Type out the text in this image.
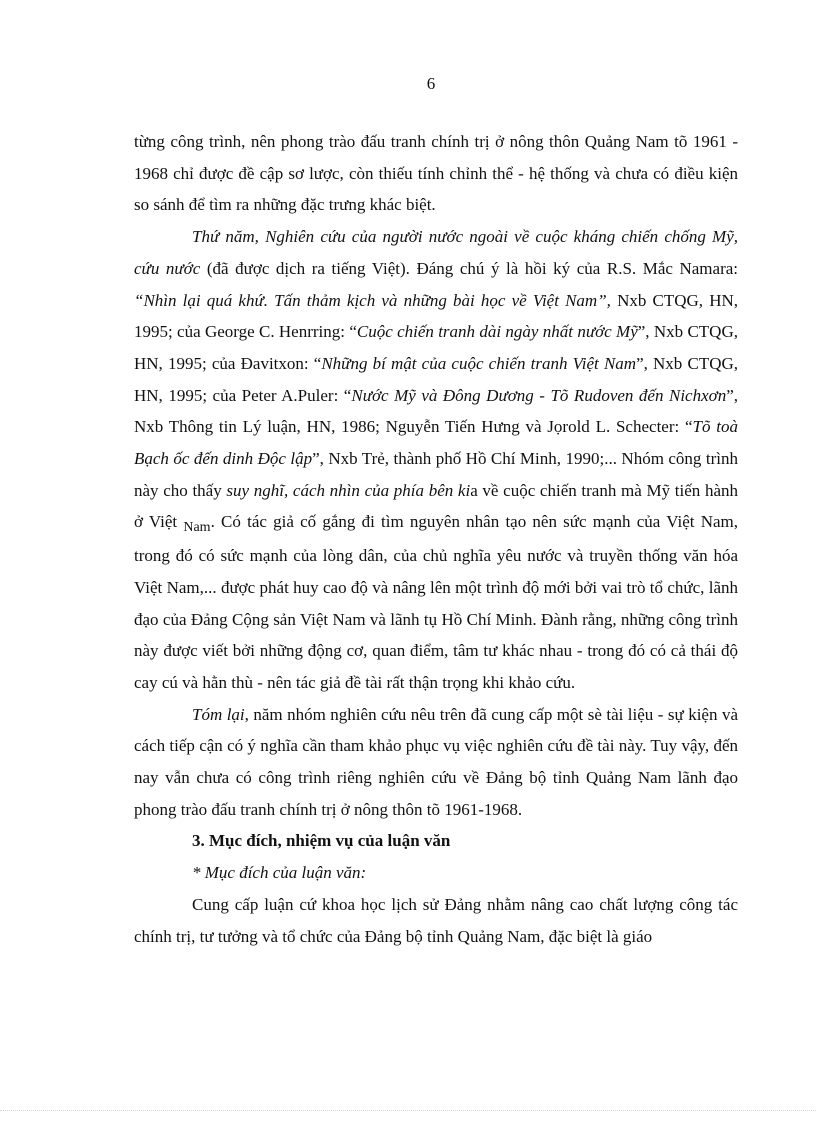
6

từng công trình, nên phong trào đấu tranh chính trị ở nông thôn Quảng Nam tõ 1961 - 1968 chỉ được đề cập sơ lược, còn thiếu tính chỉnh thể - hệ thống và chưa có điều kiện so sánh để tìm ra những đặc trưng khác biệt.

Thứ năm, Nghiên cứu của người nước ngoài về cuộc kháng chiến chống Mỹ, cứu nước (đã được dịch ra tiếng Việt). Đáng chú ý là hồi ký của R.S. Mắc Namara: “Nhìn lại quá khứ. Tấn thảm kịch và những bài học về Việt Nam”, Nxb CTQG, HN, 1995; của George C. Henrring: “Cuộc chiến tranh dài ngày nhất nước Mỹ”, Nxb CTQG, HN, 1995; của Đavitxon: “Những bí mật của cuộc chiến tranh Việt Nam”, Nxb CTQG, HN, 1995; của Peter A.Puler: “Nước Mỹ và Đông Dương - Tõ Rudoven đến Nichxơn”, Nxb Thông tin Lý luận, HN, 1986; Nguyễn Tiến Hưng và Jọrold L. Schecter: “Tõ toà Bạch ốc đến dinh Độc lập”, Nxb Trẻ, thành phố Hồ Chí Minh, 1990;... Nhóm công trình này cho thấy suy nghĩ, cách nhìn của phía bên kia về cuộc chiến tranh mà Mỹ tiến hành ở Việt $_{Nam}$. Có tác giả cố gắng đi tìm nguyên nhân tạo nên sức mạnh của Việt Nam, trong đó có sức mạnh của lòng dân, của chủ nghĩa yêu nước và truyền thống văn hóa Việt Nam,... được phát huy cao độ và nâng lên một trình độ mới bởi vai trò tổ chức, lãnh đạo của Đảng Cộng sản Việt Nam và lãnh tụ Hồ Chí Minh. Đành rằng, những công trình này được viết bởi những động cơ, quan điểm, tâm tư khác nhau - trong đó có cả thái độ cay cú và hằn thù - nên tác giả đề tài rất thận trọng khi khảo cứu.

Tóm lại, năm nhóm nghiên cứu nêu trên đã cung cấp một sè tài liệu - sự kiện và cách tiếp cận có ý nghĩa cần tham khảo phục vụ việc nghiên cứu đề tài này. Tuy vậy, đến nay vẫn chưa có công trình riêng nghiên cứu về Đảng bộ tỉnh Quảng Nam lãnh đạo phong trào đấu tranh chính trị ở nông thôn tõ 1961-1968.

3. Mục đích, nhiệm vụ của luận văn

* Mục đích của luận văn:

Cung cấp luận cứ khoa học lịch sử Đảng nhằm nâng cao chất lượng công tác chính trị, tư tưởng và tổ chức của Đảng bộ tỉnh Quảng Nam, đặc biệt là giáo
